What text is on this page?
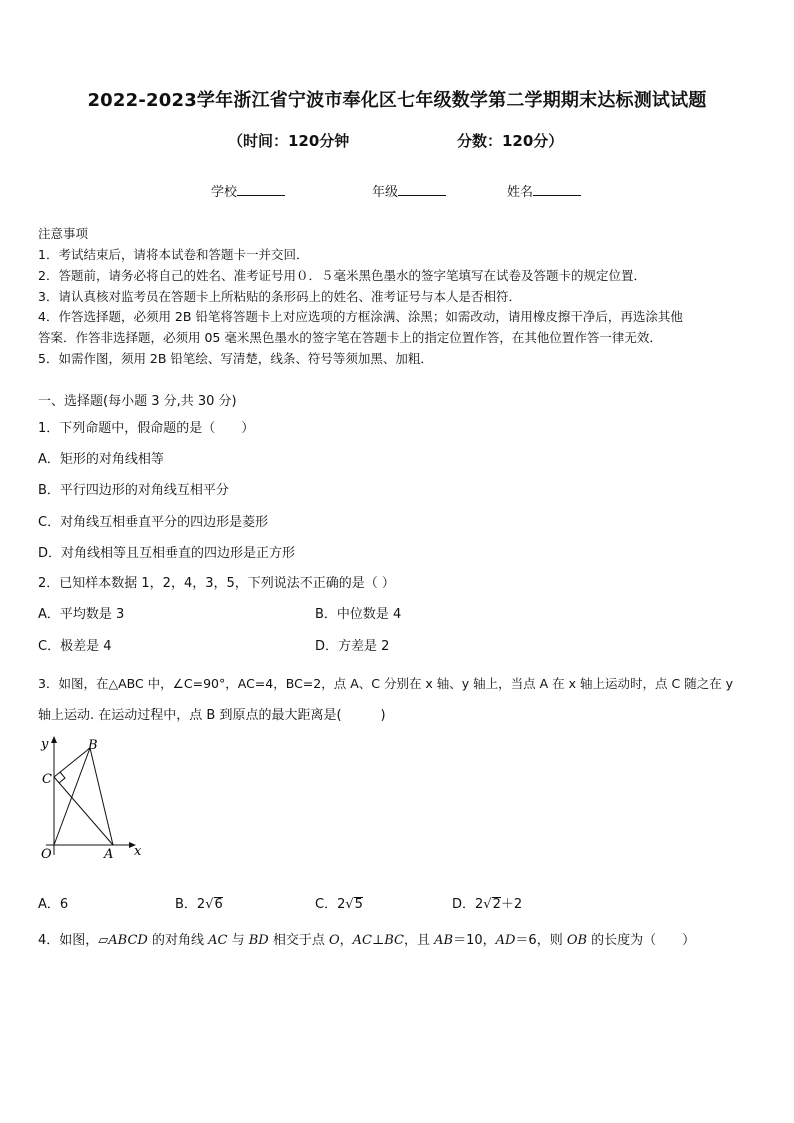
2022-2023学年浙江省宁波市奉化区七年级数学第二学期期末达标测试试题
（时间：120分钟	分数：120分）
学校	年级	姓名
注意事项
1．考试结束后，请将本试卷和答题卡一并交回．
2．答题前，请务必将自己的姓名、准考证号用０．５毫米黑色墨水的签字笔填写在试卷及答题卡的规定位置．
3．请认真核对监考员在答题卡上所粘贴的条形码上的姓名、准考证号与本人是否相符．
4．作答选择题，必须用 2B 铅笔将答题卡上对应选项的方框涂满、涂黑；如需改动，请用橡皮擦干净后，再选涂其他
答案．作答非选择题，必须用 05 毫米黑色墨水的签字笔在答题卡上的指定位置作答，在其他位置作答一律无效．
5．如需作图，须用 2B 铅笔绘、写清楚，线条、符号等须加黑、加粗．
一、选择题(每小题 3 分,共 30 分)
1．下列命题中，假命题的是（　　）
A．矩形的对角线相等
B．平行四边形的对角线互相平分
C．对角线互相垂直平分的四边形是菱形
D．对角线相等且互相垂直的四边形是正方形
2．已知样本数据 1，2，4，3，5，下列说法不正确的是（ ）
A．平均数是 3	B．中位数是 4
C．极差是 4	D．方差是 2
3．如图，在△ABC 中，∠C=90°，AC=4，BC=2，点 A、C 分别在 x 轴、y 轴上，当点 A 在 x 轴上运动时，点 C 随之在 y
轴上运动. 在运动过程中，点 B 到原点的最大距离是(　　　)
y
x
O	A
B
C
A．6	B．2√6	C．2√5	D．2√2＋2
4．如图，▱ABCD 的对角线 AC 与 BD 相交于点 O，AC⊥BC，且 AB＝10，AD＝6，则 OB 的长度为（　　）
